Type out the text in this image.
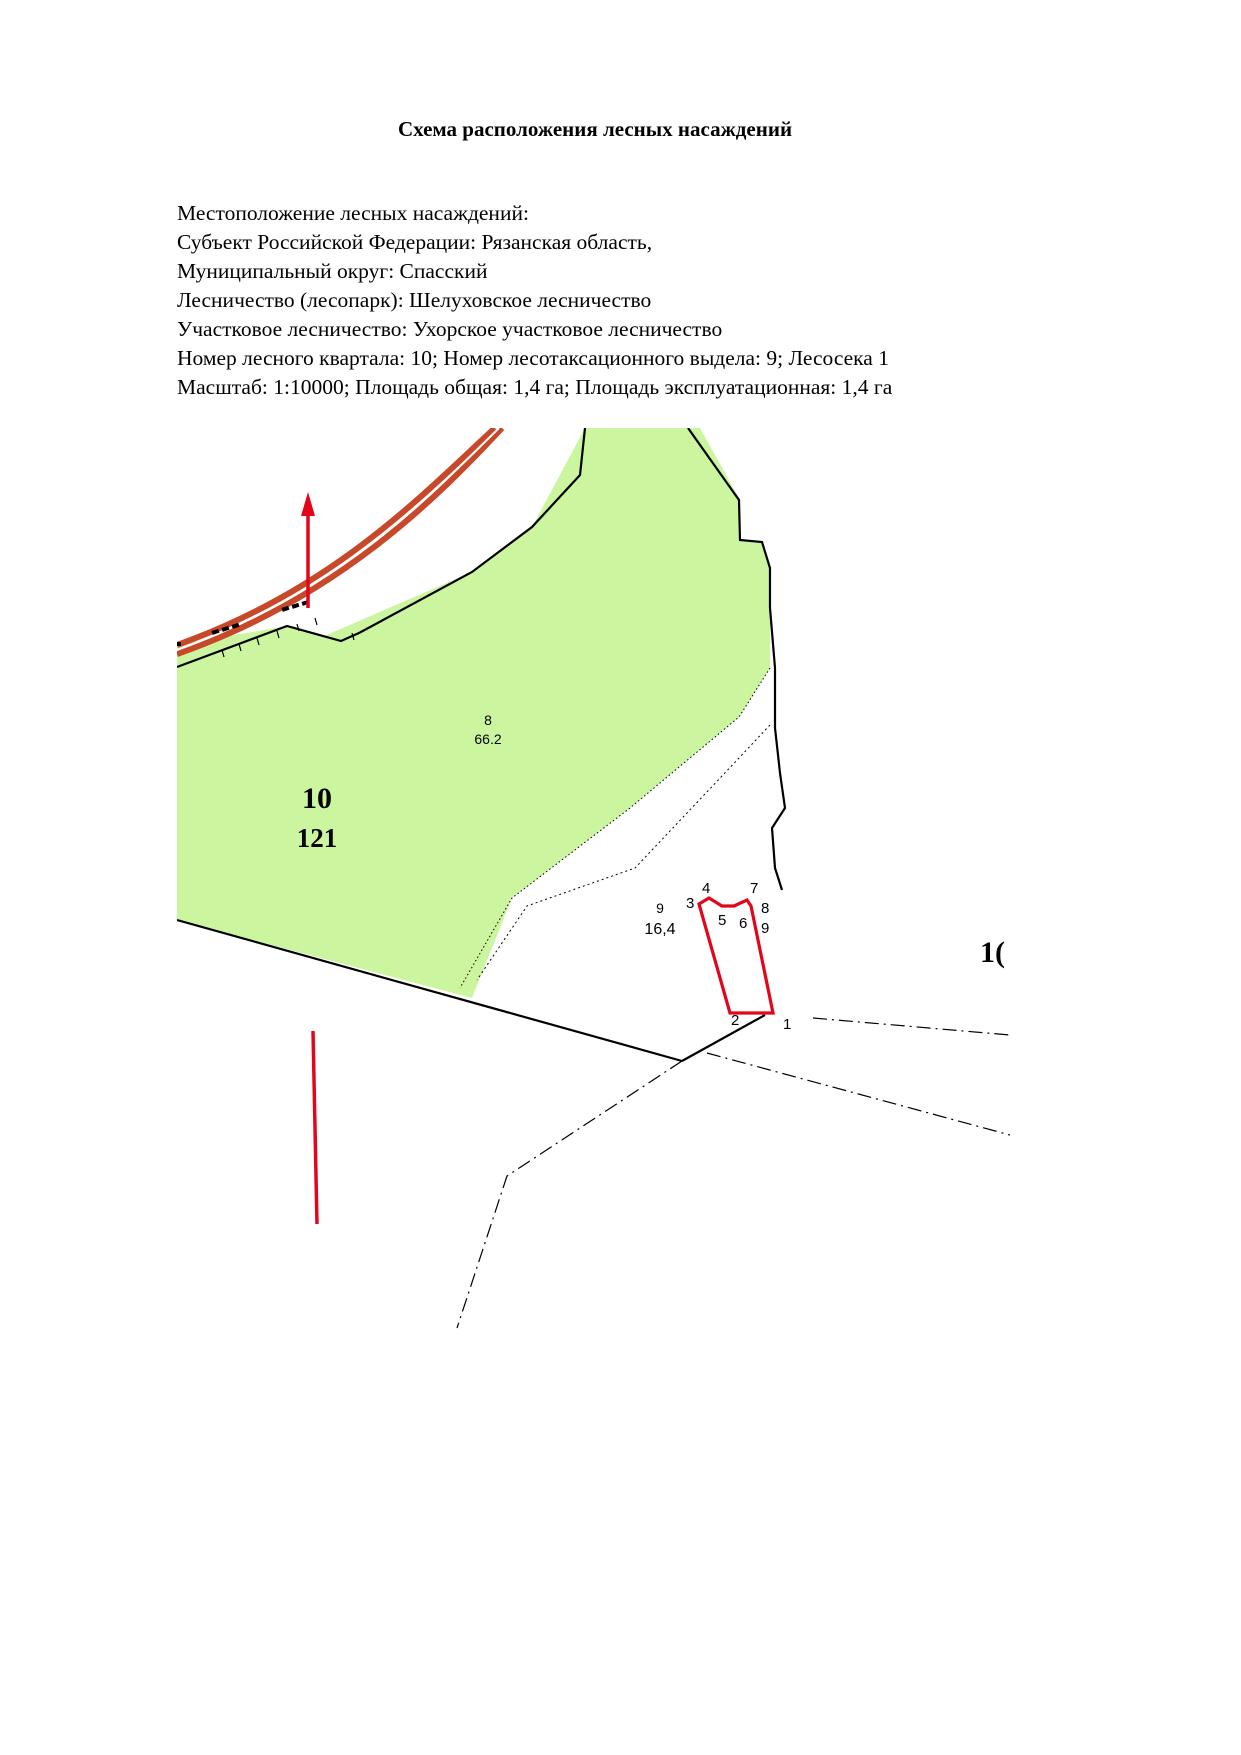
Схема расположения лесных насаждений
Местоположение лесных насаждений:
Субъект Российской Федерации: Рязанская область,
Муниципальный округ: Спасский
Лесничество (лесопарк): Шелуховское лесничество
Участковое лесничество: Ухорское участковое лесничество
Номер лесного квартала: 10; Номер лесотаксационного выдела: 9; Лесосека 1
Масштаб: 1:10000; Площадь общая: 1,4 га; Площадь эксплуатационная: 1,4 га
10
121
1(
8
66.2
9
16,4
1
2
3
4
5 6
7
8
9
